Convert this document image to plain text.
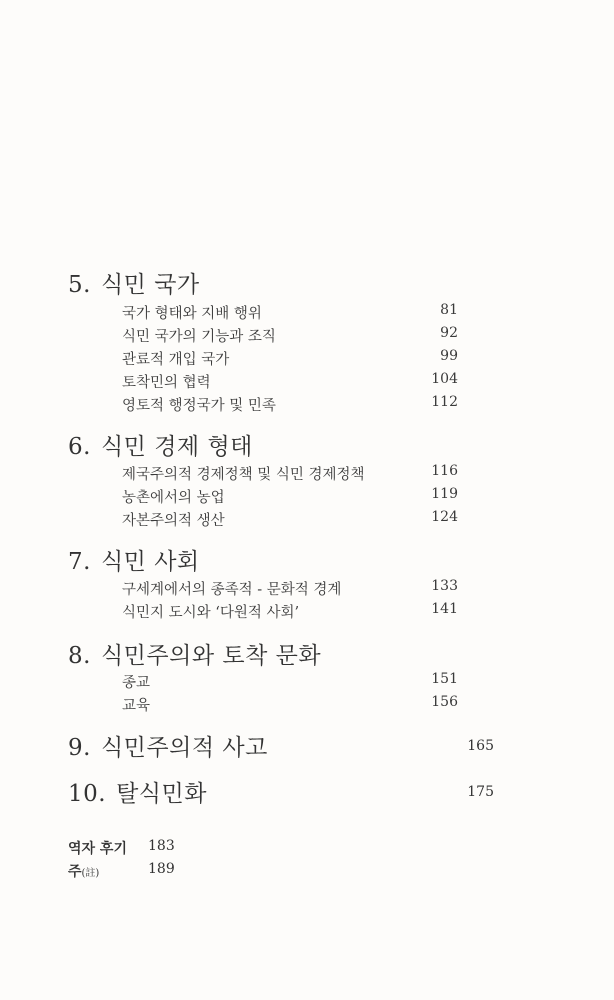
5. 식민 국가
국가 형태와 지배 행위	81
식민 국가의 기능과 조직	92
관료적 개입 국가	99
토착민의 협력	104
영토적 행정국가 및 민족	112
6. 식민 경제 형태
제국주의적 경제정책 및 식민 경제정책	116
농촌에서의 농업	119
자본주의적 생산	124
7. 식민 사회
구세계에서의 종족적 - 문화적 경계	133
식민지 도시와 ‘다원적 사회’	141
8. 식민주의와 토착 문화
종교	151
교육	156
9. 식민주의적 사고	165
10. 탈식민화	175
역자 후기 183
주(註)	189
